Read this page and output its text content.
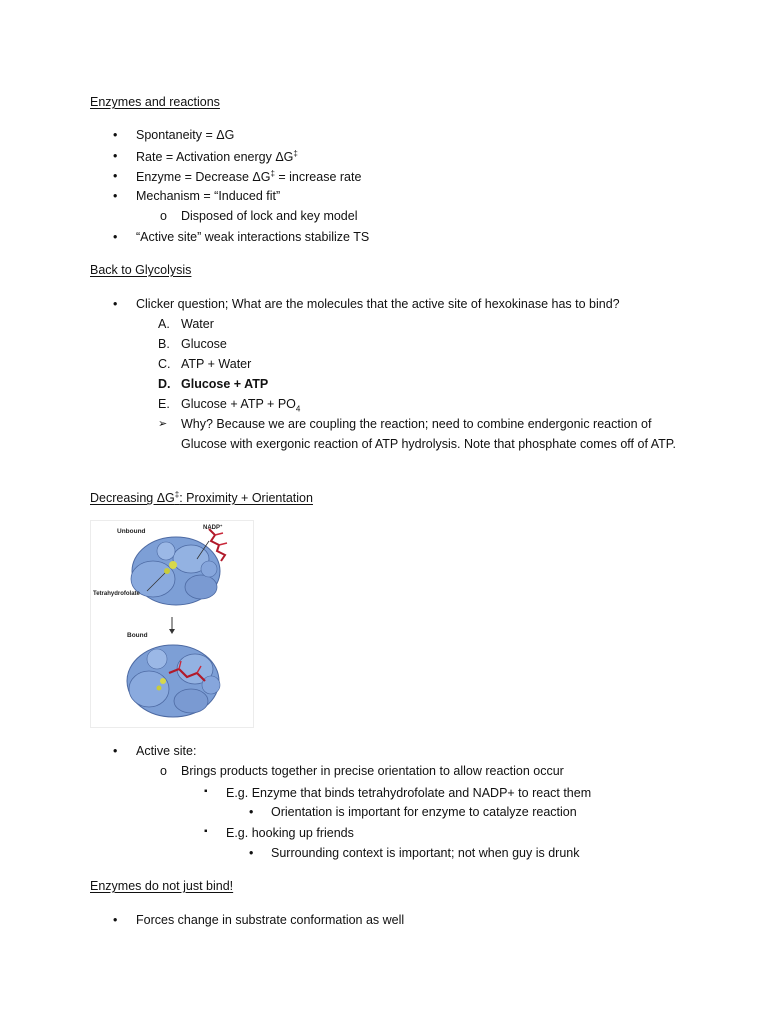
Enzymes and reactions
• Spontaneity = ΔG
• Rate = Activation energy ΔG‡
• Enzyme = Decrease ΔG‡ = increase rate
• Mechanism = “Induced fit”
o Disposed of lock and key model
• “Active site” weak interactions stabilize TS
Back to Glycolysis
• Clicker question; What are the molecules that the active site of hexokinase has to bind?
A. Water
B. Glucose
C. ATP + Water
D. Glucose + ATP
E. Glucose + ATP + $PO_4$
➢ Why? Because we are coupling the reaction; need to combine endergonic reaction of Glucose with exergonic reaction of ATP hydrolysis. Note that phosphate comes off of ATP.
Decreasing ΔG‡: Proximity + Orientation
Unbound	NADP+
Tetrahydrofolate
Bound
• Active site:
o Brings products together in precise orientation to allow reaction occur
▪ E.g. Enzyme that binds tetrahydrofolate and NADP+ to react them
• Orientation is important for enzyme to catalyze reaction
▪ E.g. hooking up friends
• Surrounding context is important; not when guy is drunk
Enzymes do not just bind!
• Forces change in substrate conformation as well
